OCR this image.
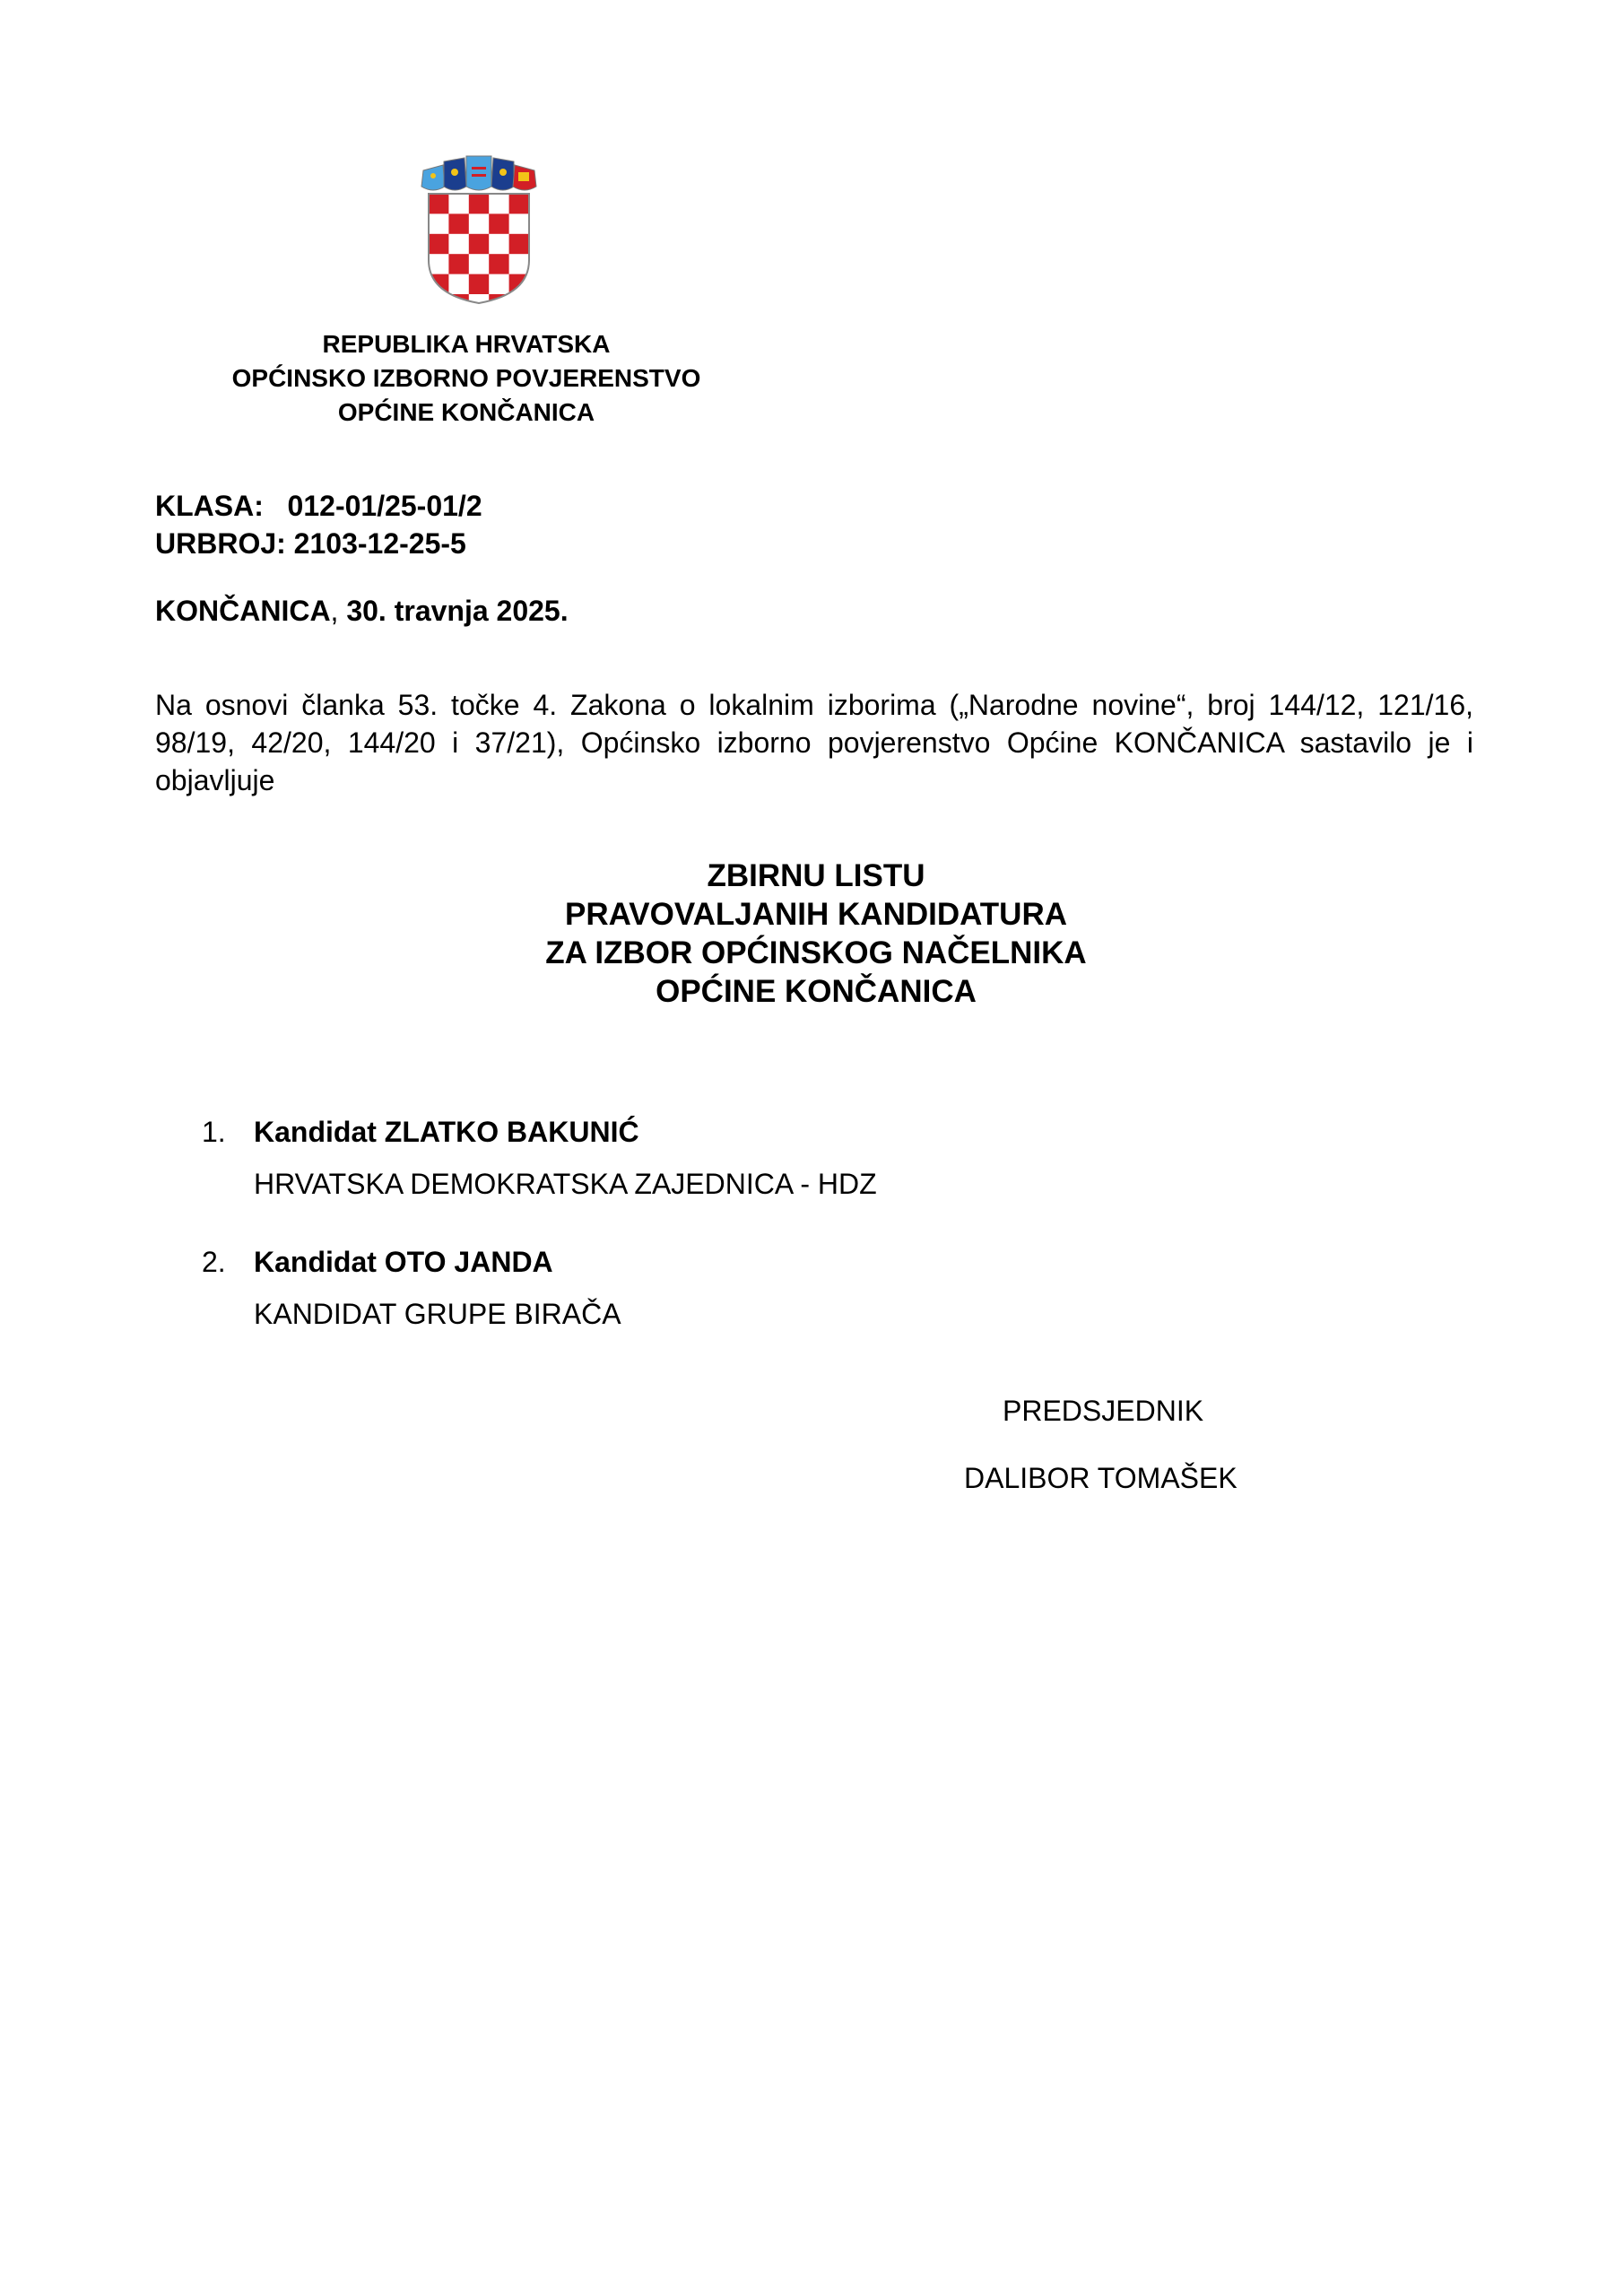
REPUBLIKA HRVATSKA
OPĆINSKO IZBORNO POVJERENSTVO
OPĆINE KONČANICA
KLASA:   012-01/25-01/2
URBROJ: 2103-12-25-5
KONČANICA, 30. travnja 2025.
Na osnovi članka 53. točke 4. Zakona o lokalnim izborima („Narodne novine“, broj 144/12, 121/16, 98/19, 42/20, 144/20 i 37/21), Općinsko izborno povjerenstvo Općine KONČANICA sastavilo je i objavljuje
ZBIRNU LISTU
PRAVOVALJANIH KANDIDATURA
ZA IZBOR OPĆINSKOG NAČELNIKA
OPĆINE KONČANICA
1. Kandidat ZLATKO BAKUNIĆ
HRVATSKA DEMOKRATSKA ZAJEDNICA - HDZ
2. Kandidat OTO JANDA
KANDIDAT GRUPE BIRAČA
PREDSJEDNIK
DALIBOR TOMAŠEK
